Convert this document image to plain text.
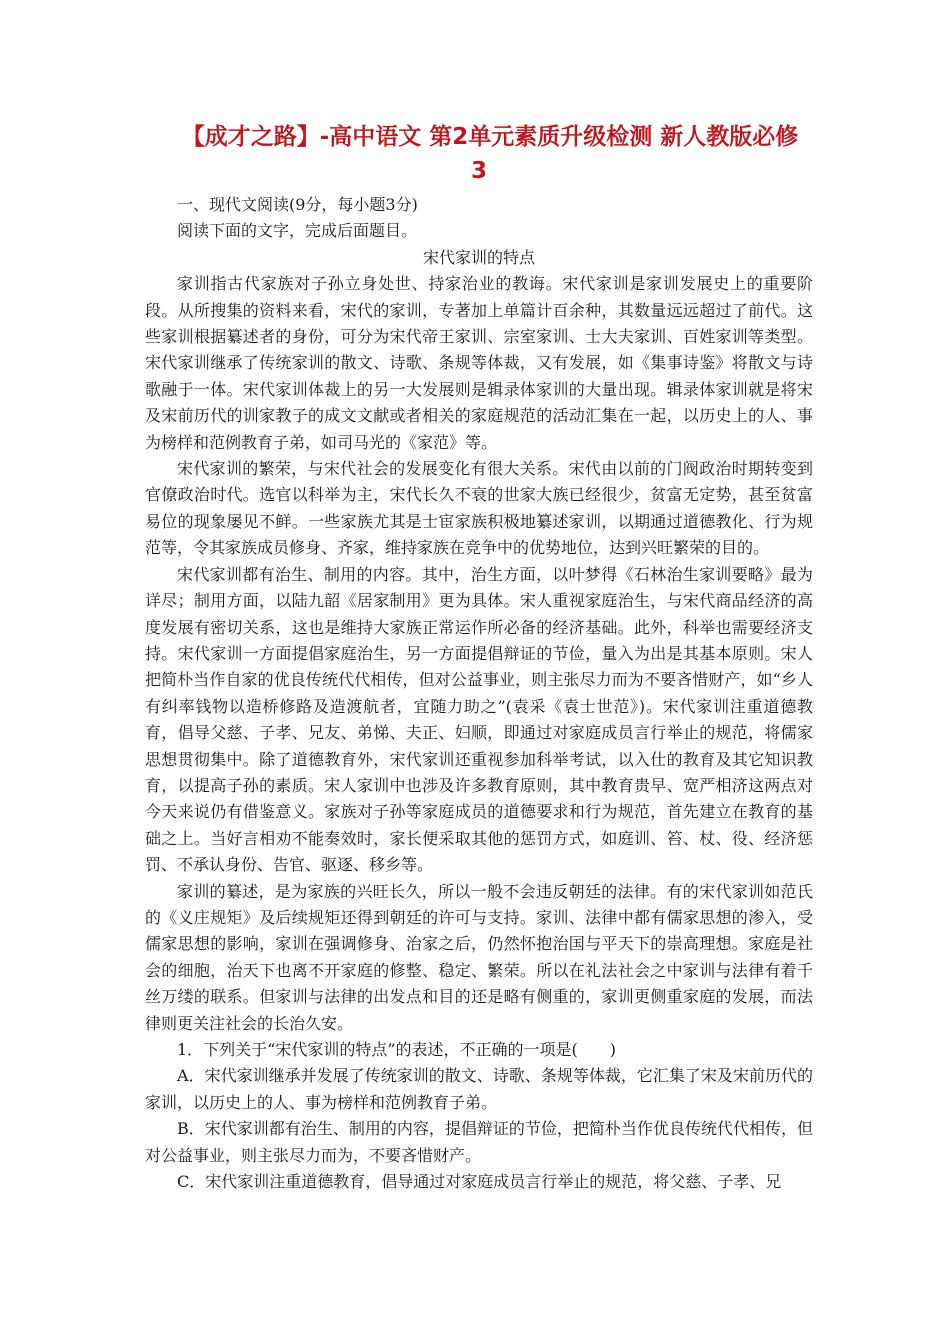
【成才之路】-高中语文 第2单元素质升级检测 新人教版必修
3

一、现代文阅读(9分，每小题3分)

阅读下面的文字，完成后面题目。

宋代家训的特点

家训指古代家族对子孙立身处世、持家治业的教诲。宋代家训是家训发展史上的重要阶段。从所搜集的资料来看，宋代的家训，专著加上单篇计百余种，其数量远远超过了前代。这些家训根据纂述者的身份，可分为宋代帝王家训、宗室家训、士大夫家训、百姓家训等类型。宋代家训继承了传统家训的散文、诗歌、条规等体裁，又有发展，如《集事诗鉴》将散文与诗歌融于一体。宋代家训体裁上的另一大发展则是辑录体家训的大量出现。辑录体家训就是将宋及宋前历代的训家教子的成文文献或者相关的家庭规范的活动汇集在一起，以历史上的人、事为榜样和范例教育子弟，如司马光的《家范》等。

宋代家训的繁荣，与宋代社会的发展变化有很大关系。宋代由以前的门阀政治时期转变到官僚政治时代。选官以科举为主，宋代长久不衰的世家大族已经很少，贫富无定势，甚至贫富易位的现象屡见不鲜。一些家族尤其是士宦家族积极地纂述家训，以期通过道德教化、行为规范等，令其家族成员修身、齐家，维持家族在竞争中的优势地位，达到兴旺繁荣的目的。

宋代家训都有治生、制用的内容。其中，治生方面，以叶梦得《石林治生家训要略》最为详尽；制用方面，以陆九韶《居家制用》更为具体。宋人重视家庭治生，与宋代商品经济的高度发展有密切关系，这也是维持大家族正常运作所必备的经济基础。此外，科举也需要经济支持。宋代家训一方面提倡家庭治生，另一方面提倡辩证的节俭，量入为出是其基本原则。宋人把简朴当作自家的优良传统代代相传，但对公益事业，则主张尽力而为不要吝惜财产，如“乡人有纠率钱物以造桥修路及造渡航者，宜随力助之”(袁采《袁士世范》)。宋代家训注重道德教育，倡导父慈、子孝、兄友、弟悌、夫正、妇顺，即通过对家庭成员言行举止的规范，将儒家思想贯彻集中。除了道德教育外，宋代家训还重视参加科举考试，以入仕的教育及其它知识教育，以提高子孙的素质。宋人家训中也涉及许多教育原则，其中教育贵早、宽严相济这两点对今天来说仍有借鉴意义。家族对子孙等家庭成员的道德要求和行为规范，首先建立在教育的基础之上。当好言相劝不能奏效时，家长便采取其他的惩罚方式，如庭训、笞、杖、役、经济惩罚、不承认身份、告官、驱逐、移乡等。

家训的纂述，是为家族的兴旺长久，所以一般不会违反朝廷的法律。有的宋代家训如范氏的《义庄规矩》及后续规矩还得到朝廷的许可与支持。家训、法律中都有儒家思想的渗入，受儒家思想的影响，家训在强调修身、治家之后，仍然怀抱治国与平天下的崇高理想。家庭是社会的细胞，治天下也离不开家庭的修整、稳定、繁荣。所以在礼法社会之中家训与法律有着千丝万缕的联系。但家训与法律的出发点和目的还是略有侧重的，家训更侧重家庭的发展，而法律则更关注社会的长治久安。

1．下列关于“宋代家训的特点”的表述，不正确的一项是(　　)

A．宋代家训继承并发展了传统家训的散文、诗歌、条规等体裁，它汇集了宋及宋前历代的家训，以历史上的人、事为榜样和范例教育子弟。

B．宋代家训都有治生、制用的内容，提倡辩证的节俭，把简朴当作优良传统代代相传，但对公益事业，则主张尽力而为，不要吝惜财产。

C．宋代家训注重道德教育，倡导通过对家庭成员言行举止的规范，将父慈、子孝、兄
